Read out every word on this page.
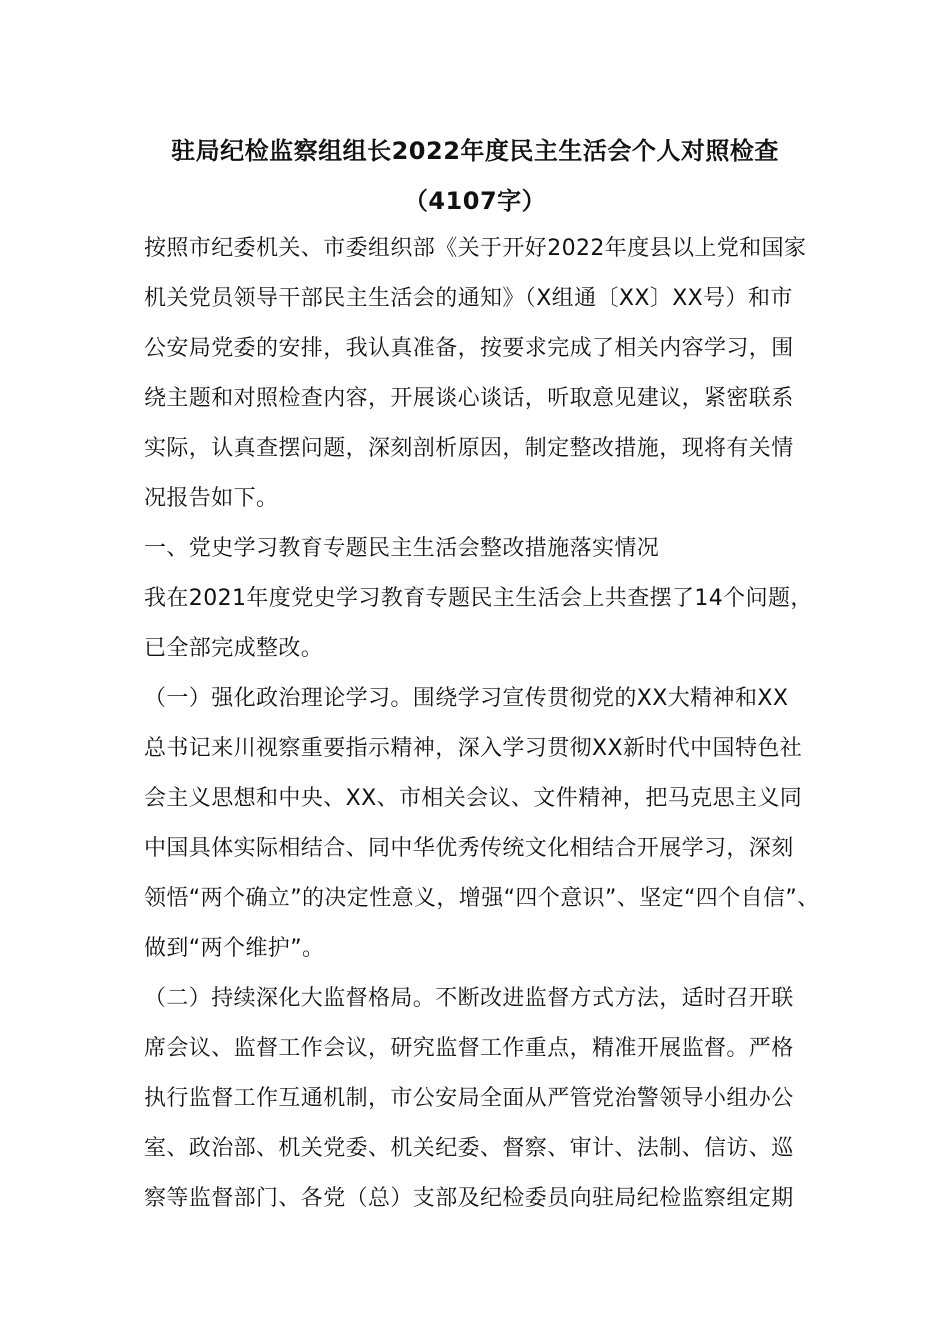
驻局纪检监察组组长2022年度民主生活会个人对照检查
（4107字）
按照市纪委机关、市委组织部《关于开好2022年度县以上党和国家
机关党员领导干部民主生活会的通知》（X组通〔XX〕XX号）和市
公安局党委的安排，我认真准备，按要求完成了相关内容学习，围
绕主题和对照检查内容，开展谈心谈话，听取意见建议，紧密联系
实际，认真查摆问题，深刻剖析原因，制定整改措施，现将有关情
况报告如下。
一、党史学习教育专题民主生活会整改措施落实情况
我在2021年度党史学习教育专题民主生活会上共查摆了14个问题，
已全部完成整改。
（一）强化政治理论学习。围绕学习宣传贯彻党的XX大精神和XX
总书记来川视察重要指示精神，深入学习贯彻XX新时代中国特色社
会主义思想和中央、XX、市相关会议、文件精神，把马克思主义同
中国具体实际相结合、同中华优秀传统文化相结合开展学习，深刻
领悟“两个确立”的决定性意义，增强“四个意识”、坚定“四个自信”、
做到“两个维护”。
（二）持续深化大监督格局。不断改进监督方式方法，适时召开联
席会议、监督工作会议，研究监督工作重点，精准开展监督。严格
执行监督工作互通机制，市公安局全面从严管党治警领导小组办公
室、政治部、机关党委、机关纪委、督察、审计、法制、信访、巡
察等监督部门、各党（总）支部及纪检委员向驻局纪检监察组定期
